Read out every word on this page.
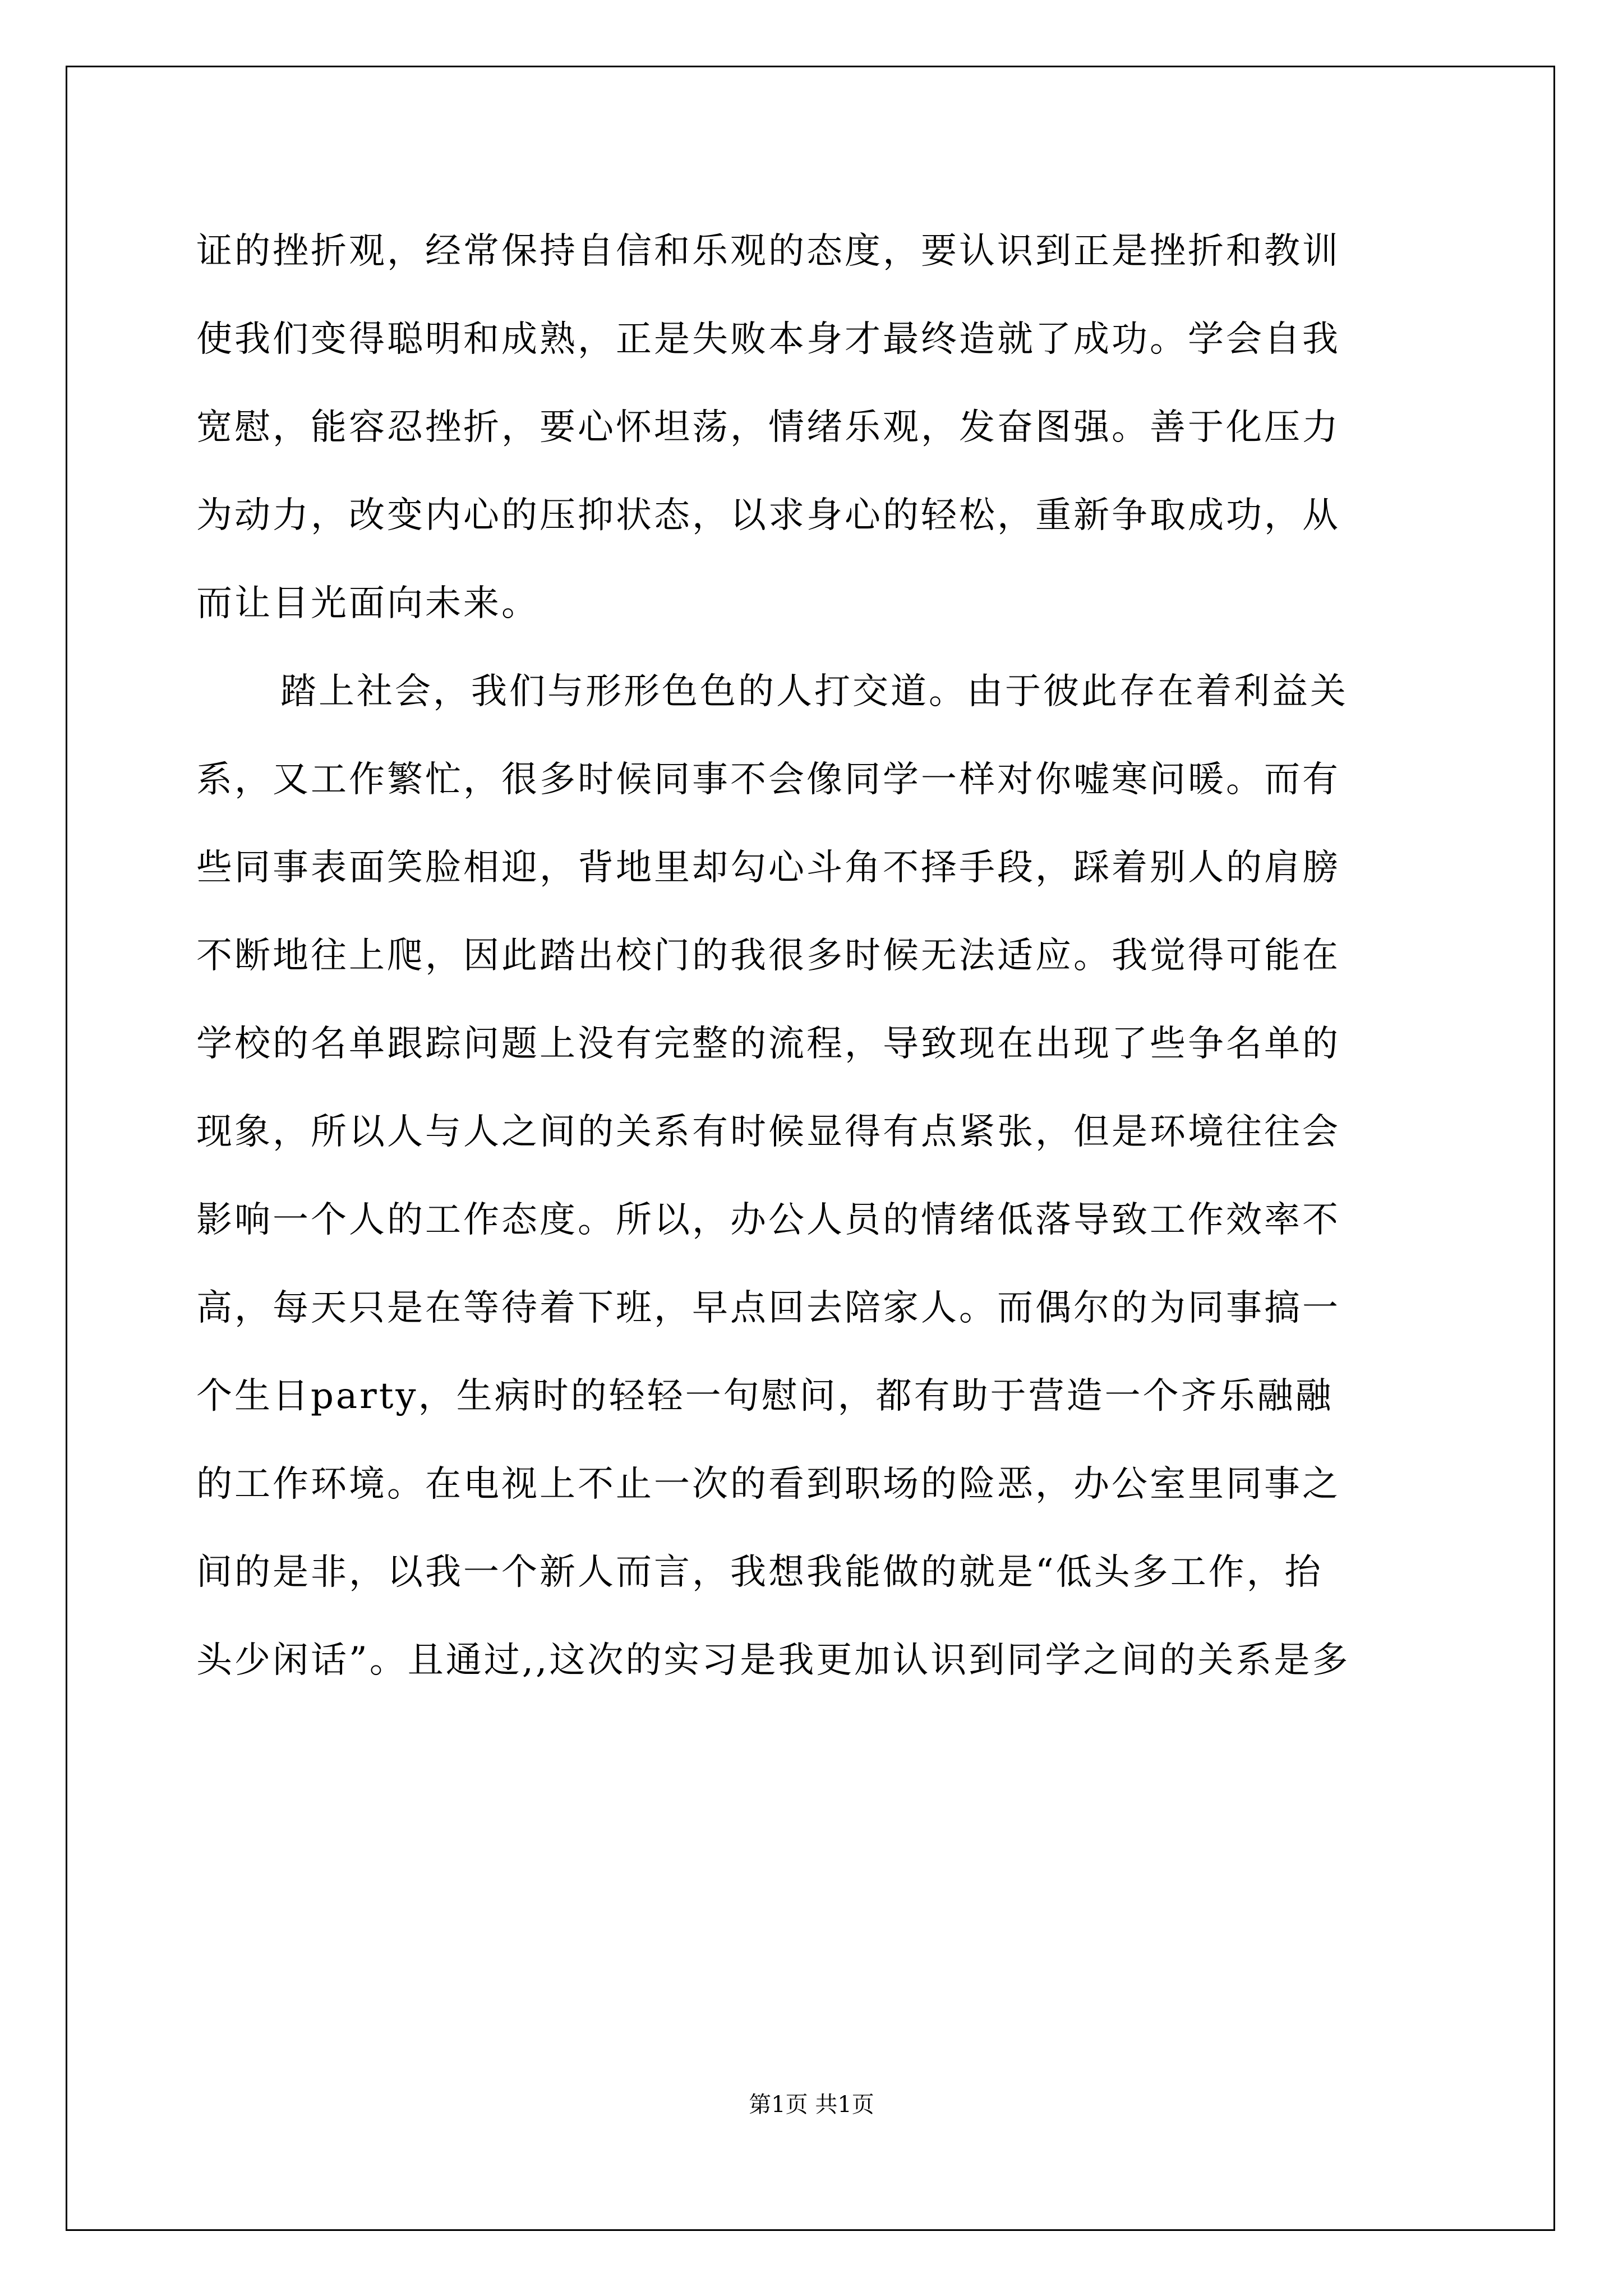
证的挫折观，经常保持自信和乐观的态度，要认识到正是挫折和教训
使我们变得聪明和成熟，正是失败本身才最终造就了成功。学会自我
宽慰，能容忍挫折，要心怀坦荡，情绪乐观，发奋图强。善于化压力
为动力，改变内心的压抑状态，以求身心的轻松，重新争取成功，从
而让目光面向未来。
踏上社会，我们与形形色色的人打交道。由于彼此存在着利益关
系，又工作繁忙，很多时候同事不会像同学一样对你嘘寒问暖。而有
些同事表面笑脸相迎，背地里却勾心斗角不择手段，踩着别人的肩膀
不断地往上爬，因此踏出校门的我很多时候无法适应。我觉得可能在
学校的名单跟踪问题上没有完整的流程，导致现在出现了些争名单的
现象，所以人与人之间的关系有时候显得有点紧张，但是环境往往会
影响一个人的工作态度。所以，办公人员的情绪低落导致工作效率不
高，每天只是在等待着下班，早点回去陪家人。而偶尔的为同事搞一
个生日party，生病时的轻轻一句慰问，都有助于营造一个齐乐融融
的工作环境。在电视上不止一次的看到职场的险恶，办公室里同事之
间的是非，以我一个新人而言，我想我能做的就是“低头多工作，抬
头少闲话”。且通过,,这次的实习是我更加认识到同学之间的关系是多
第1页 共1页
